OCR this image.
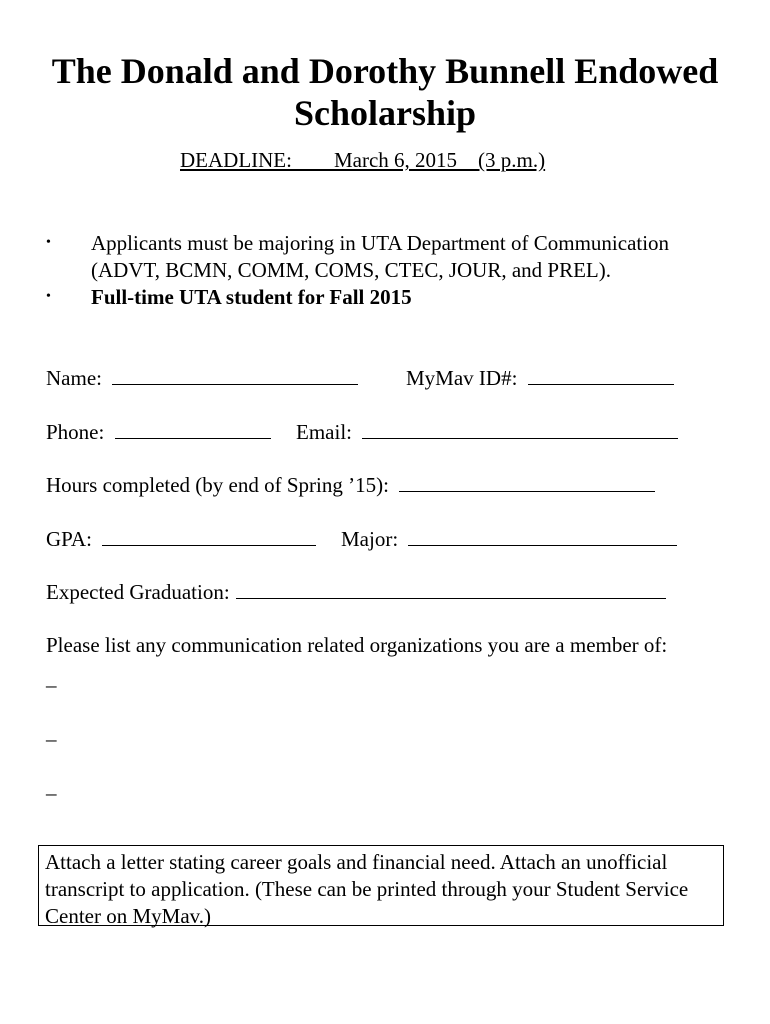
The Donald and Dorothy Bunnell Endowed
Scholarship
DEADLINE:        March 6, 2015    (3 p.m.)
• Applicants must be majoring in UTA Department of Communication
(ADVT, BCMN, COMM, COMS, CTEC, JOUR, and PREL).
• Full-time UTA student for Fall 2015
Name:	MyMav ID#:
Phone:	Email:
Hours completed (by end of Spring ’15):
GPA:	Major:
Expected Graduation:
Please list any communication related organizations you are a member of:
_
_
_
Attach a letter stating career goals and financial need. Attach an unofficial transcript to application. (These can be printed through your Student Service Center on MyMav.)
